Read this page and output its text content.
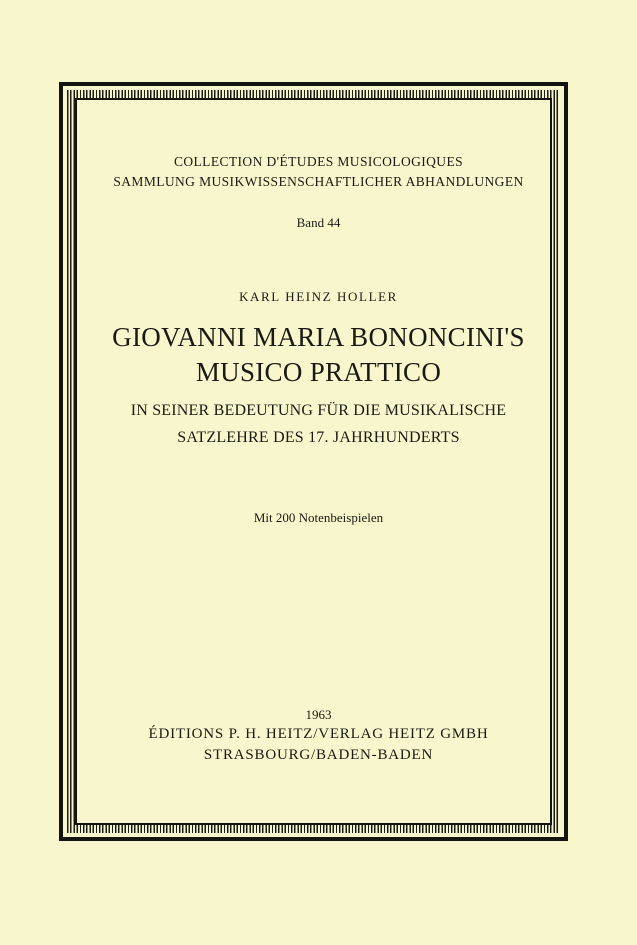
COLLECTION D'ÉTUDES MUSICOLOGIQUES
SAMMLUNG MUSIKWISSENSCHAFTLICHER ABHANDLUNGEN
Band 44
KARL HEINZ HOLLER
GIOVANNI MARIA BONONCINI'S
MUSICO PRATTICO
IN SEINER BEDEUTUNG FÜR DIE MUSIKALISCHE
SATZLEHRE DES 17. JAHRHUNDERTS
Mit 200 Notenbeispielen
1963
ÉDITIONS P. H. HEITZ/VERLAG HEITZ GMBH
STRASBOURG/BADEN-BADEN
